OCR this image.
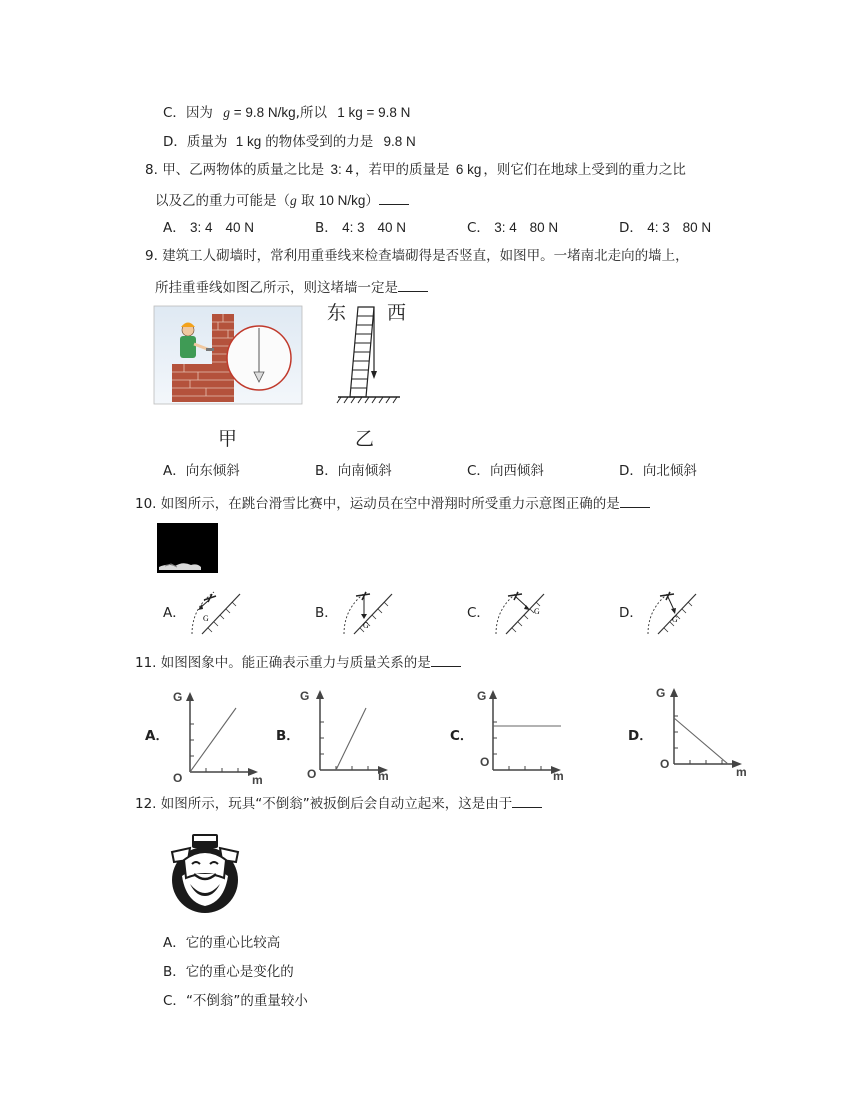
C．因为 g = 9.8 N/kg,所以 1 kg = 9.8 N
D．质量为 1 kg 的物体受到的力是 9.8 N
8. 甲、乙两物体的质量之比是 3: 4 ，若甲的质量是 6 kg ，则它们在地球上受到的重力之比
以及乙的重力可能是（g 取 10 N/kg）
A． 3: 4 40 N	B． 4: 3 40 N	C． 3: 4 80 N	D． 4: 3 80 N
9. 建筑工人砌墙时，常利用重垂线来检查墙砌得是否竖直，如图甲。一堵南北走向的墙上，
所挂重垂线如图乙所示，则这堵墙一定是
东 西
甲	乙
A．向东倾斜	B．向南倾斜	C．向西倾斜	D．向北倾斜
10. 如图所示，在跳台滑雪比赛中，运动员在空中滑翔时所受重力示意图正确的是
A．	B．	C．	D．
G
G
G
G
11. 如图图象中。能正确表示重力与质量关系的是
A．	B．	C．	D．
G
O	m
G
O	m
G
O
m
G
O
m
12. 如图所示，玩具“不倒翁”被扳倒后会自动立起来，这是由于
A．它的重心比较高
B．它的重心是变化的
C．“不倒翁”的重量较小
